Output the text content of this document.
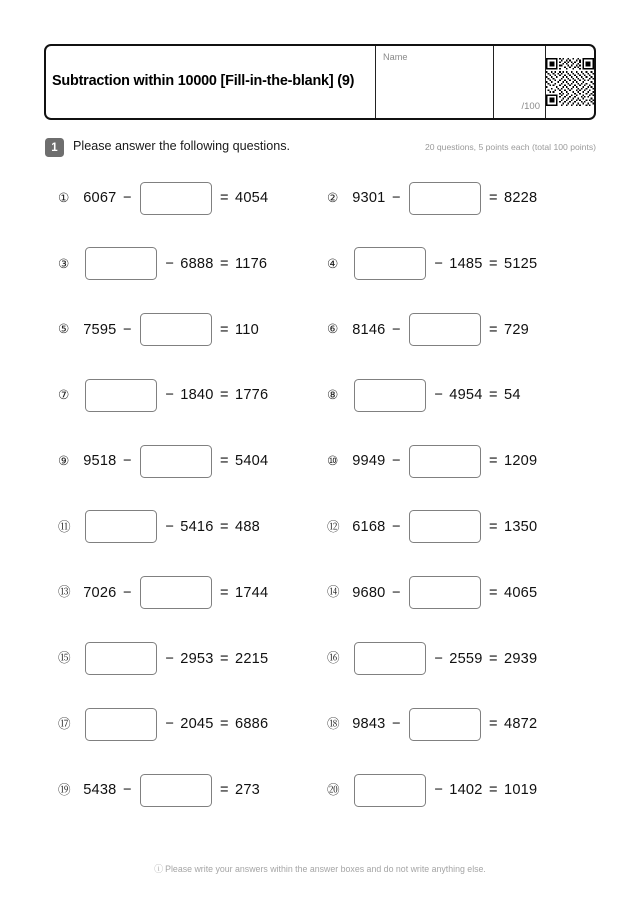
Subtraction within 10000 [Fill-in-the-blank] (9)
Name
/100
1	Please answer the following questions.	20 questions, 5 points each (total 100 points)
① 6067 −	= 4054	② 9301 −	= 8228
③	− 6888 = 1176	④	− 1485 = 5125
⑤ 7595 −	= 110	⑥ 8146 −	= 729
⑦	− 1840 = 1776	⑧	− 4954 = 54
⑨ 9518 −	= 5404	⑩ 9949 −	= 1209
⑪	− 5416 = 488	⑫ 6168 −	= 1350
⑬ 7026 −	= 1744	⑭ 9680 −	= 4065
⑮	− 2953 = 2215	⑯	− 2559 = 2939
⑰	− 2045 = 6886	⑱ 9843 −	= 4872
⑲ 5438 −	= 273	⑳	− 1402 = 1019
ⓘ Please write your answers within the answer boxes and do not write anything else.
